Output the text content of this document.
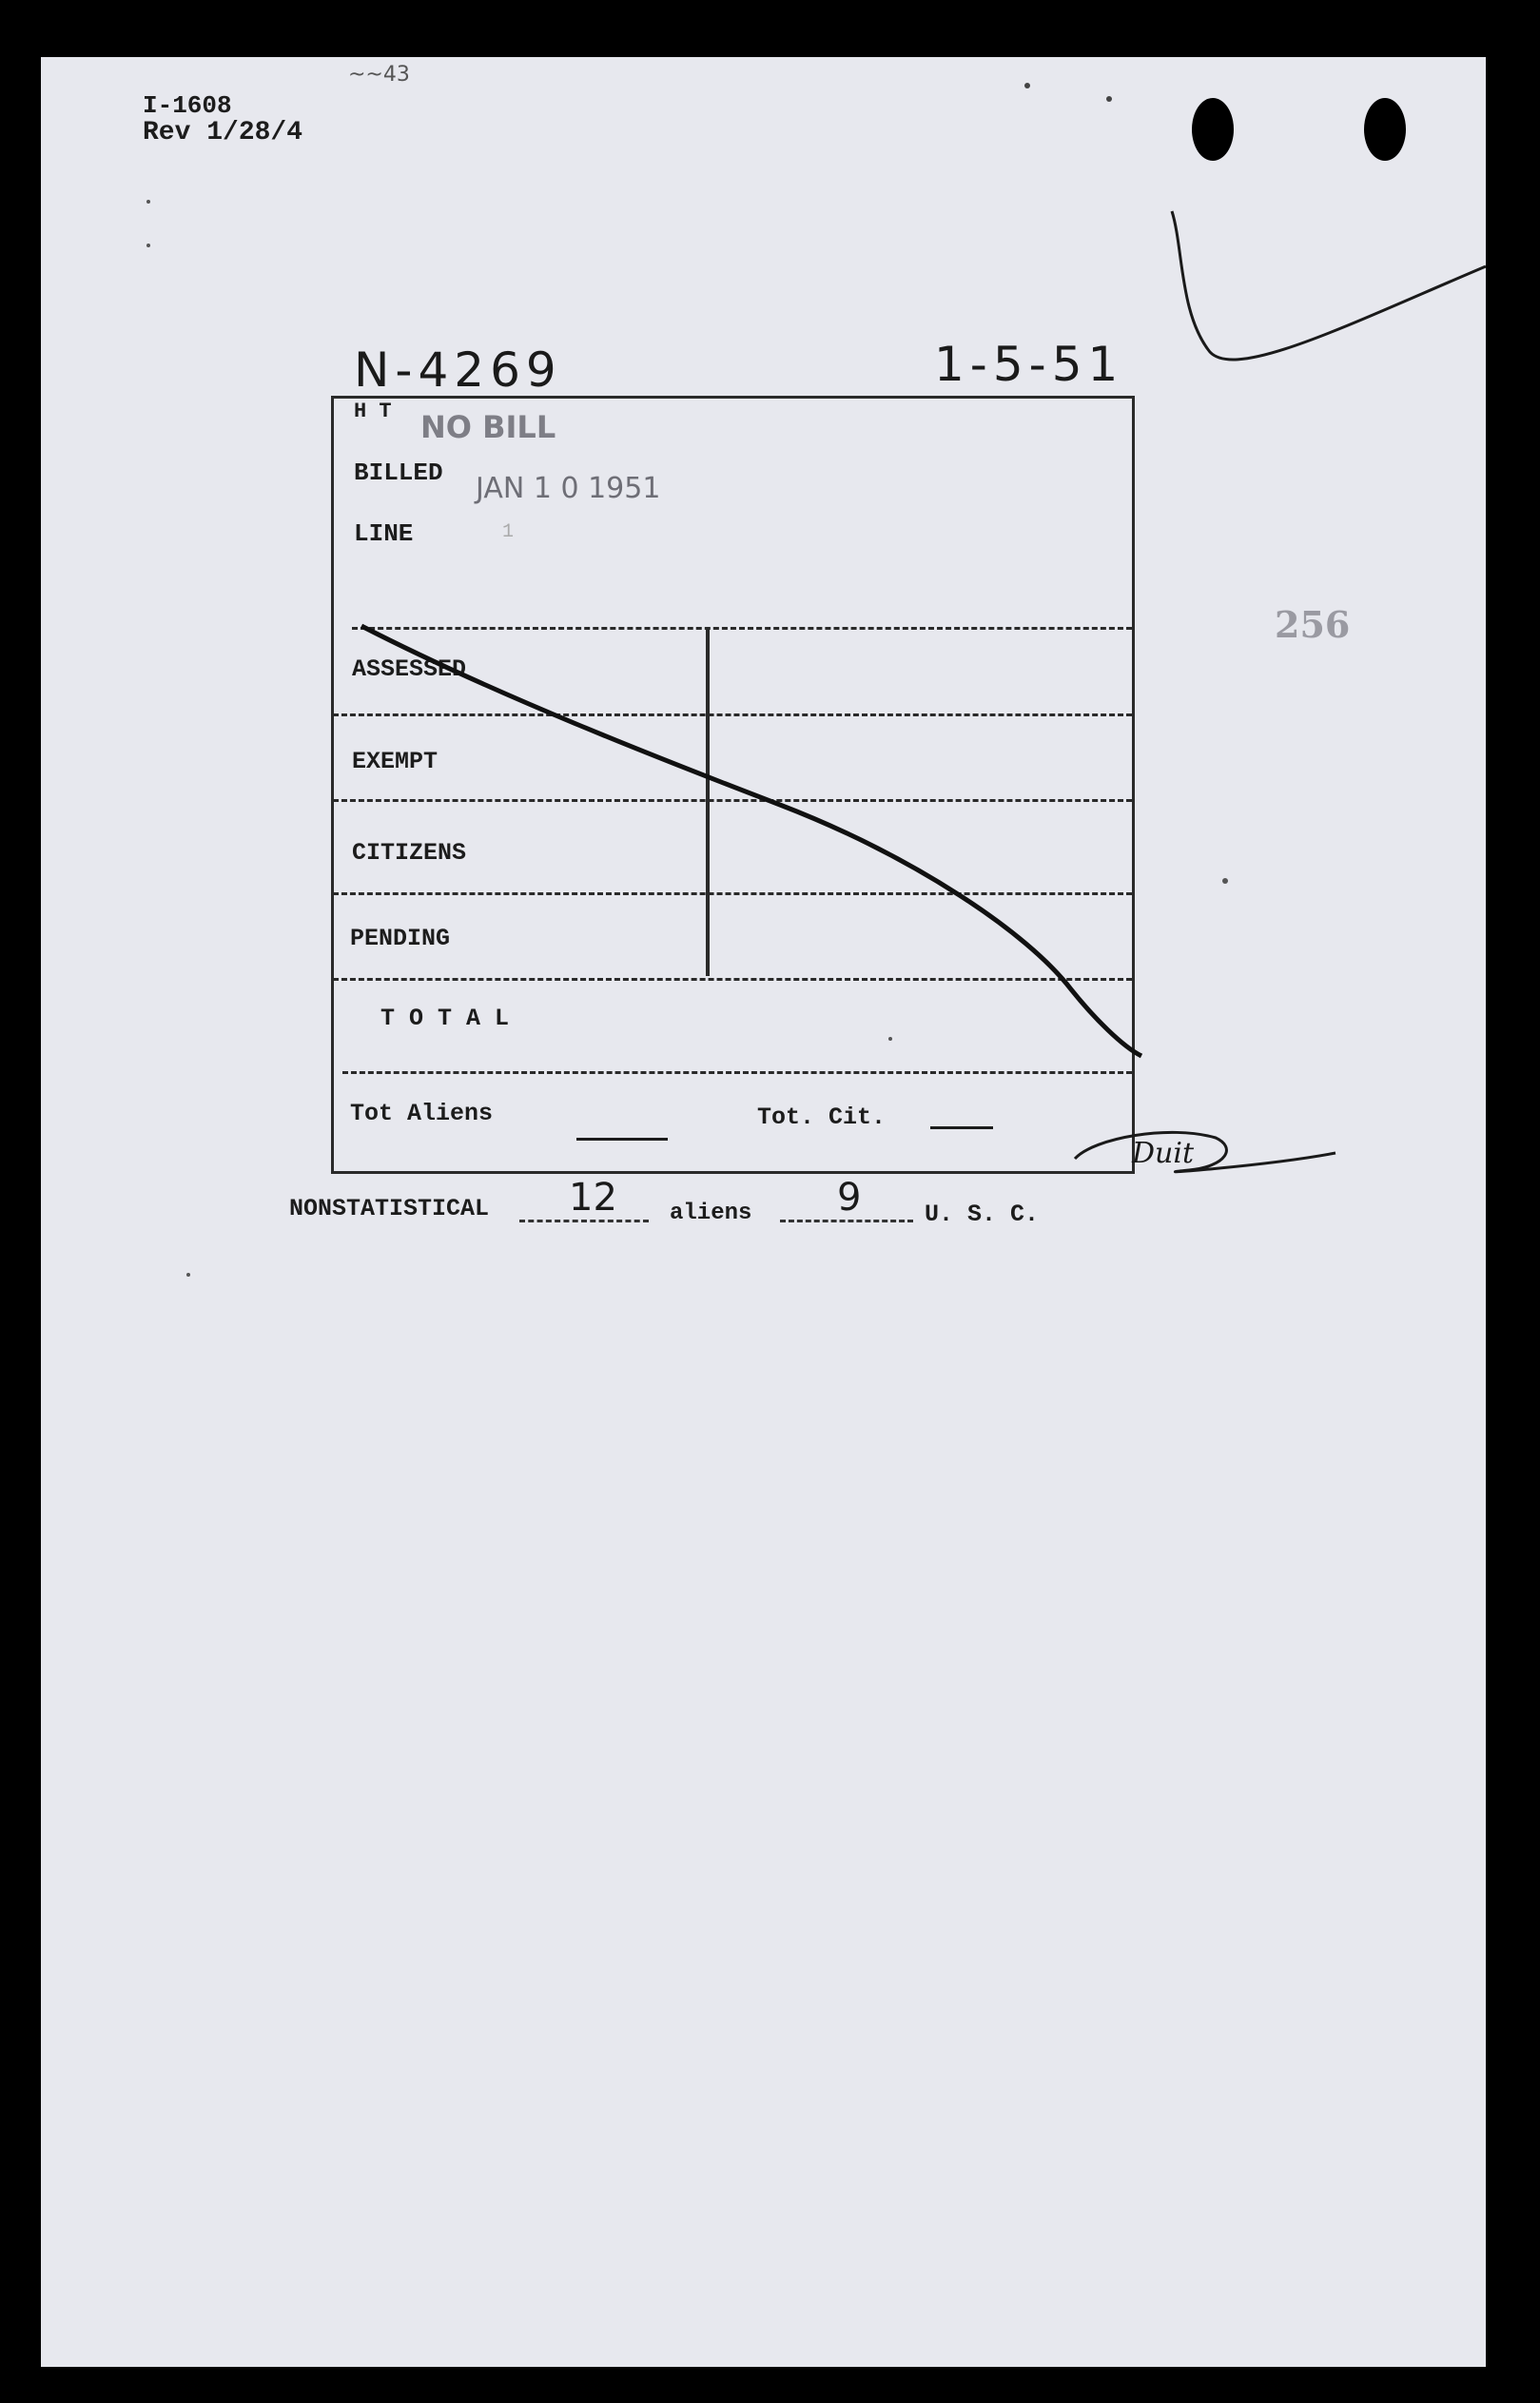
I-1608
Rev 1/28/4
~~43
N-4269	1-5-51
256
H T NO BILL
BILLED JAN 1 0 1951
LINE	1
ASSESSED
EXEMPT
CITIZENS
PENDING
T O T A L
Tot Aliens	Tot. Cit.
NONSTATISTICAL 12 aliens 9	U. S. C.
Duit
